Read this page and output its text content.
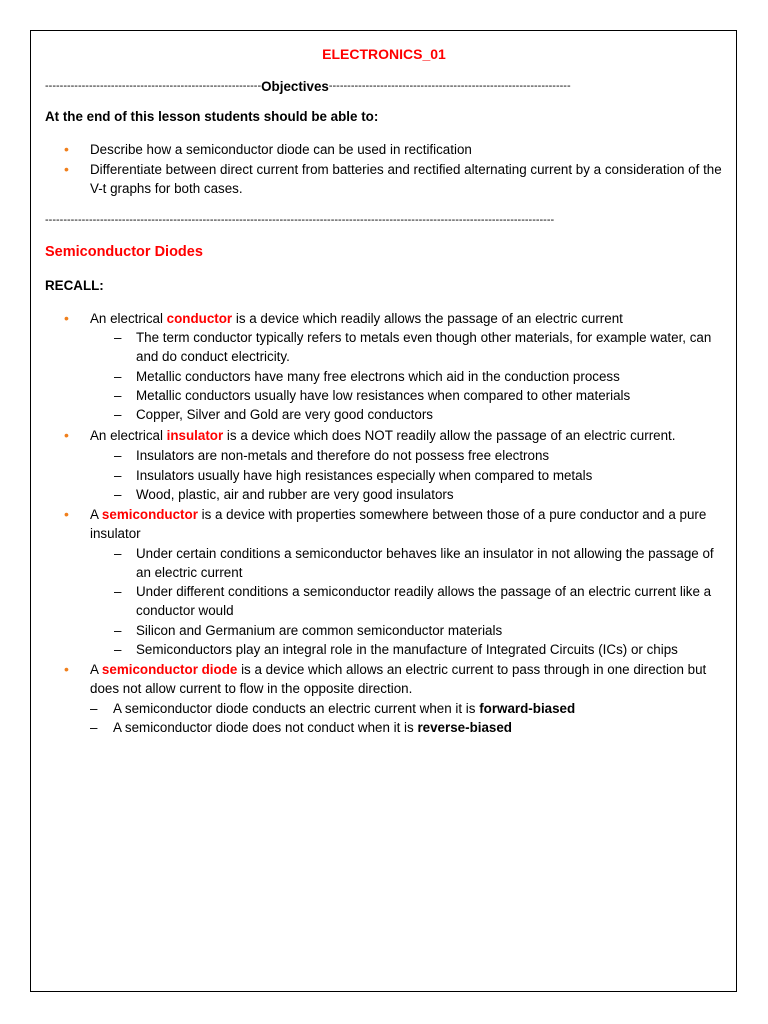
ELECTRONICS_01
-----------------------------------------------------------Objectives------------------------------------------------------------------
At the end of this lesson students should be able to:
• Describe how a semiconductor diode can be used in rectification
• Differentiate between direct current from batteries and rectified alternating current by a consideration of the V-t graphs for both cases.
-------------------------------------------------------------------------------------------------------------------------------------------
Semiconductor Diodes
RECALL:
• An electrical conductor is a device which readily allows the passage of an electric current
– The term conductor typically refers to metals even though other materials, for example water, can and do conduct electricity.
– Metallic conductors have many free electrons which aid in the conduction process
– Metallic conductors usually have low resistances when compared to other materials
– Copper, Silver and Gold are very good conductors
• An electrical insulator is a device which does NOT readily allow the passage of an electric current.
– Insulators are non-metals and therefore do not possess free electrons
– Insulators usually have high resistances especially when compared to metals
– Wood, plastic, air and rubber are very good insulators
• A semiconductor is a device with properties somewhere between those of a pure conductor and a pure insulator
– Under certain conditions a semiconductor behaves like an insulator in not allowing the passage of an electric current
– Under different conditions a semiconductor readily allows the passage of an electric current like a conductor would
– Silicon and Germanium are common semiconductor materials
– Semiconductors play an integral role in the manufacture of Integrated Circuits (ICs) or chips
• A semiconductor diode is a device which allows an electric current to pass through in one direction but does not allow current to flow in the opposite direction.
– A semiconductor diode conducts an electric current when it is forward-biased
– A semiconductor diode does not conduct when it is reverse-biased
